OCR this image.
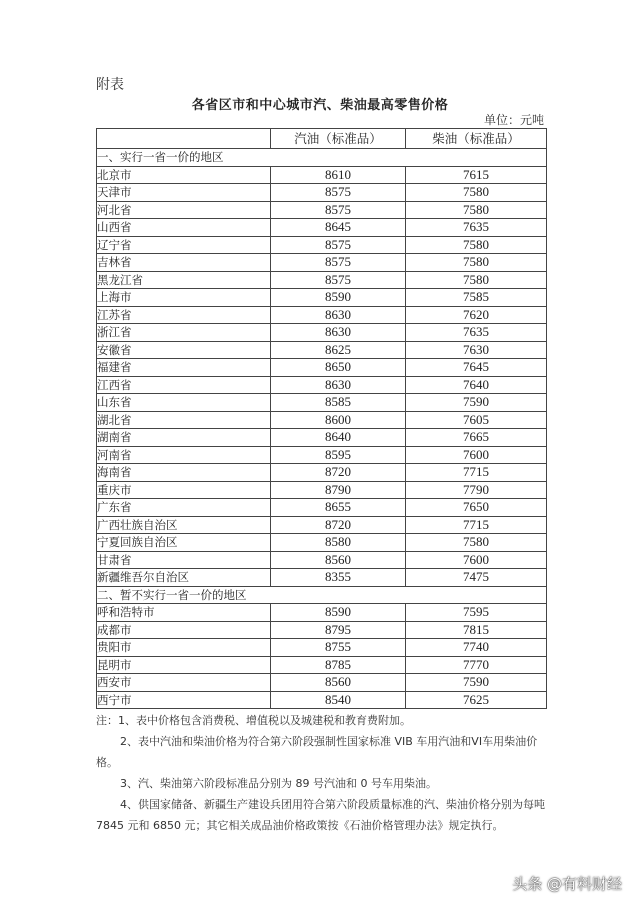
附表
各省区市和中心城市汽、柴油最高零售价格
单位：元吨
	汽油（标准品）	柴油（标准品）
一、实行一省一价的地区		
北京市	8610	7615
天津市	8575	7580
河北省	8575	7580
山西省	8645	7635
辽宁省	8575	7580
吉林省	8575	7580
黑龙江省	8575	7580
上海市	8590	7585
江苏省	8630	7620
浙江省	8630	7635
安徽省	8625	7630
福建省	8650	7645
江西省	8630	7640
山东省	8585	7590
湖北省	8600	7605
湖南省	8640	7665
河南省	8595	7600
海南省	8720	7715
重庆市	8790	7790
广东省	8655	7650
广西壮族自治区	8720	7715
宁夏回族自治区	8580	7580
甘肃省	8560	7600
新疆维吾尔自治区	8355	7475
二、暂不实行一省一价的地区		
呼和浩特市	8590	7595
成都市	8795	7815
贵阳市	8755	7740
昆明市	8785	7770
西安市	8560	7590
西宁市	8540	7625

注：1、表中价格包含消费税、增值税以及城建税和教育费附加。

2、表中汽油和柴油价格为符合第六阶段强制性国家标准 VIB 车用汽油和VI车用柴油价格。

3、汽、柴油第六阶段标准品分别为 89 号汽油和 0 号车用柴油。

4、供国家储备、新疆生产建设兵团用符合第六阶段质量标准的汽、柴油价格分别为每吨 7845 元和 6850 元；其它相关成品油价格政策按《石油价格管理办法》规定执行。

头条 @有料财经
